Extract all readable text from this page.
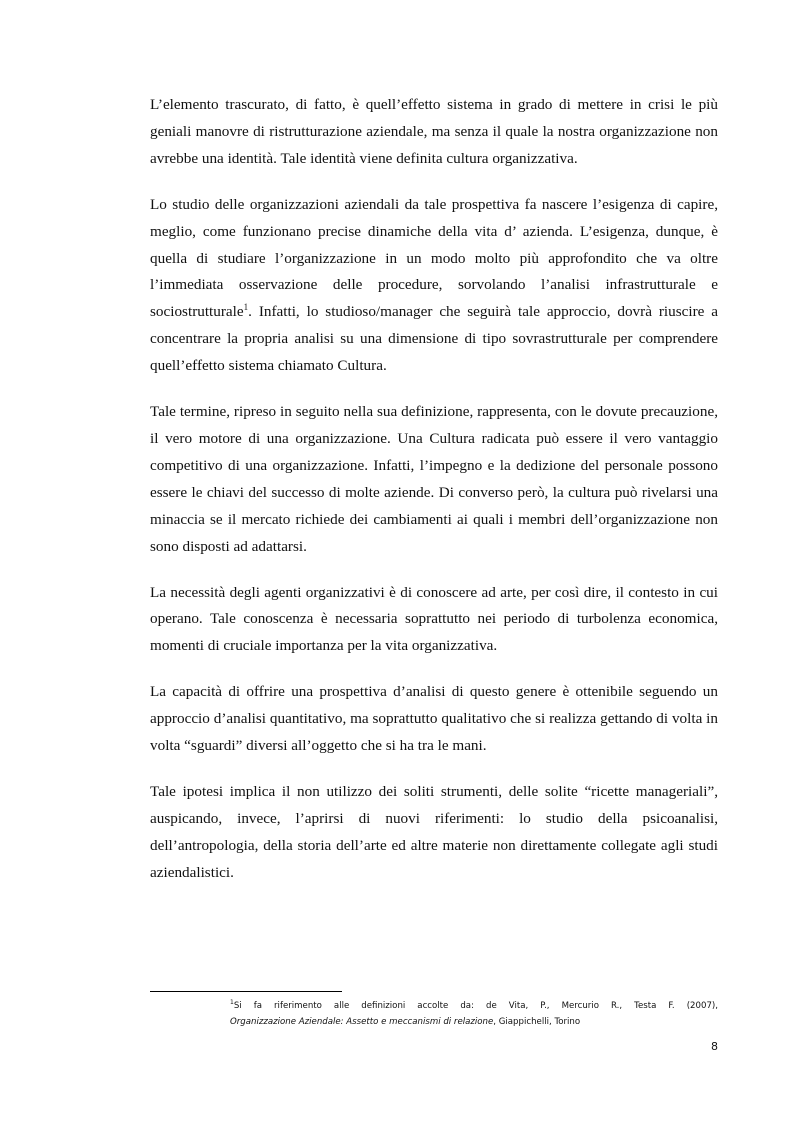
L’elemento trascurato, di fatto, è quell’effetto sistema in grado di mettere in crisi le più geniali manovre di ristrutturazione aziendale, ma senza il quale la nostra organizzazione non avrebbe una identità. Tale identità viene definita cultura organizzativa.

Lo studio delle organizzazioni aziendali da tale prospettiva fa nascere l’esigenza di capire, meglio, come funzionano precise dinamiche della vita d’ azienda. L’esigenza, dunque, è quella di studiare l’organizzazione in un modo molto più approfondito che va oltre l’immediata osservazione delle procedure, sorvolando l’analisi infrastrutturale e sociostrutturale$^1$. Infatti, lo studioso/manager che seguirà tale approccio, dovrà riuscire a concentrare la propria analisi su una dimensione di tipo sovrastrutturale per comprendere quell’effetto sistema chiamato Cultura.

Tale termine, ripreso in seguito nella sua definizione, rappresenta, con le dovute precauzione, il vero motore di una organizzazione. Una Cultura radicata può essere il vero vantaggio competitivo di una organizzazione. Infatti, l’impegno e la dedizione del personale possono essere le chiavi del successo di molte aziende. Di converso però, la cultura può rivelarsi una minaccia se il mercato richiede dei cambiamenti ai quali i membri dell’organizzazione non sono disposti ad adattarsi.

La necessità degli agenti organizzativi è di conoscere ad arte, per così dire, il contesto in cui operano. Tale conoscenza è necessaria soprattutto nei periodo di turbolenza economica, momenti di cruciale importanza per la vita organizzativa.

La capacità di offrire una prospettiva d’analisi di questo genere è ottenibile seguendo un approccio d’analisi quantitativo, ma soprattutto qualitativo che si realizza gettando di volta in volta “sguardi” diversi all’oggetto che si ha tra le mani.

Tale ipotesi implica il non utilizzo dei soliti strumenti, delle solite “ricette manageriali”, auspicando, invece, l’aprirsi di nuovi riferimenti: lo studio della psicoanalisi, dell’antropologia, della storia dell’arte ed altre materie non direttamente collegate agli studi aziendalistici.

$^1$Si fa riferimento alle definizioni accolte da: de Vita, P., Mercurio R., Testa F. (2007),
Organizzazione Aziendale: Assetto e meccanismi di relazione, Giappichelli, Torino
8
